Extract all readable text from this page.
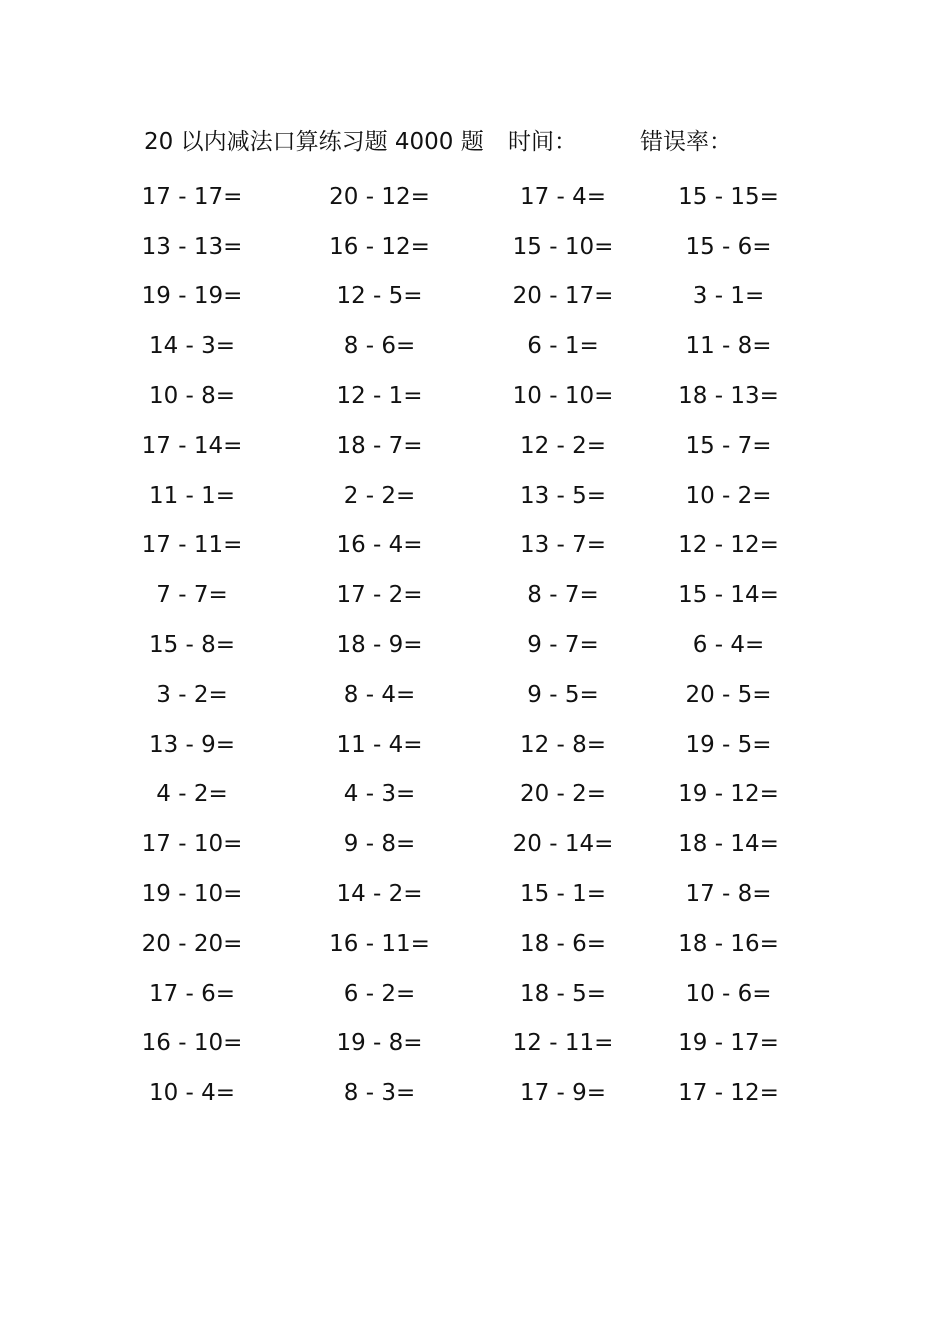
20 以内减法口算练习题 4000 题 时间：	错误率：
17 - 17=	20 - 12=	17 - 4=	15 - 15=
13 - 13=	16 - 12=	15 - 10=	15 - 6=
19 - 19=	12 - 5=	20 - 17=	3 - 1=
14 - 3=	8 - 6=	6 - 1=	11 - 8=
10 - 8=	12 - 1=	10 - 10=	18 - 13=
17 - 14=	18 - 7=	12 - 2=	15 - 7=
11 - 1=	2 - 2=	13 - 5=	10 - 2=
17 - 11=	16 - 4=	13 - 7=	12 - 12=
7 - 7=	17 - 2=	8 - 7=	15 - 14=
15 - 8=	18 - 9=	9 - 7=	6 - 4=
3 - 2=	8 - 4=	9 - 5=	20 - 5=
13 - 9=	11 - 4=	12 - 8=	19 - 5=
4 - 2=	4 - 3=	20 - 2=	19 - 12=
17 - 10=	9 - 8=	20 - 14=	18 - 14=
19 - 10=	14 - 2=	15 - 1=	17 - 8=
20 - 20=	16 - 11=	18 - 6=	18 - 16=
17 - 6=	6 - 2=	18 - 5=	10 - 6=
16 - 10=	19 - 8=	12 - 11=	19 - 17=
10 - 4=	8 - 3=	17 - 9=	17 - 12=
